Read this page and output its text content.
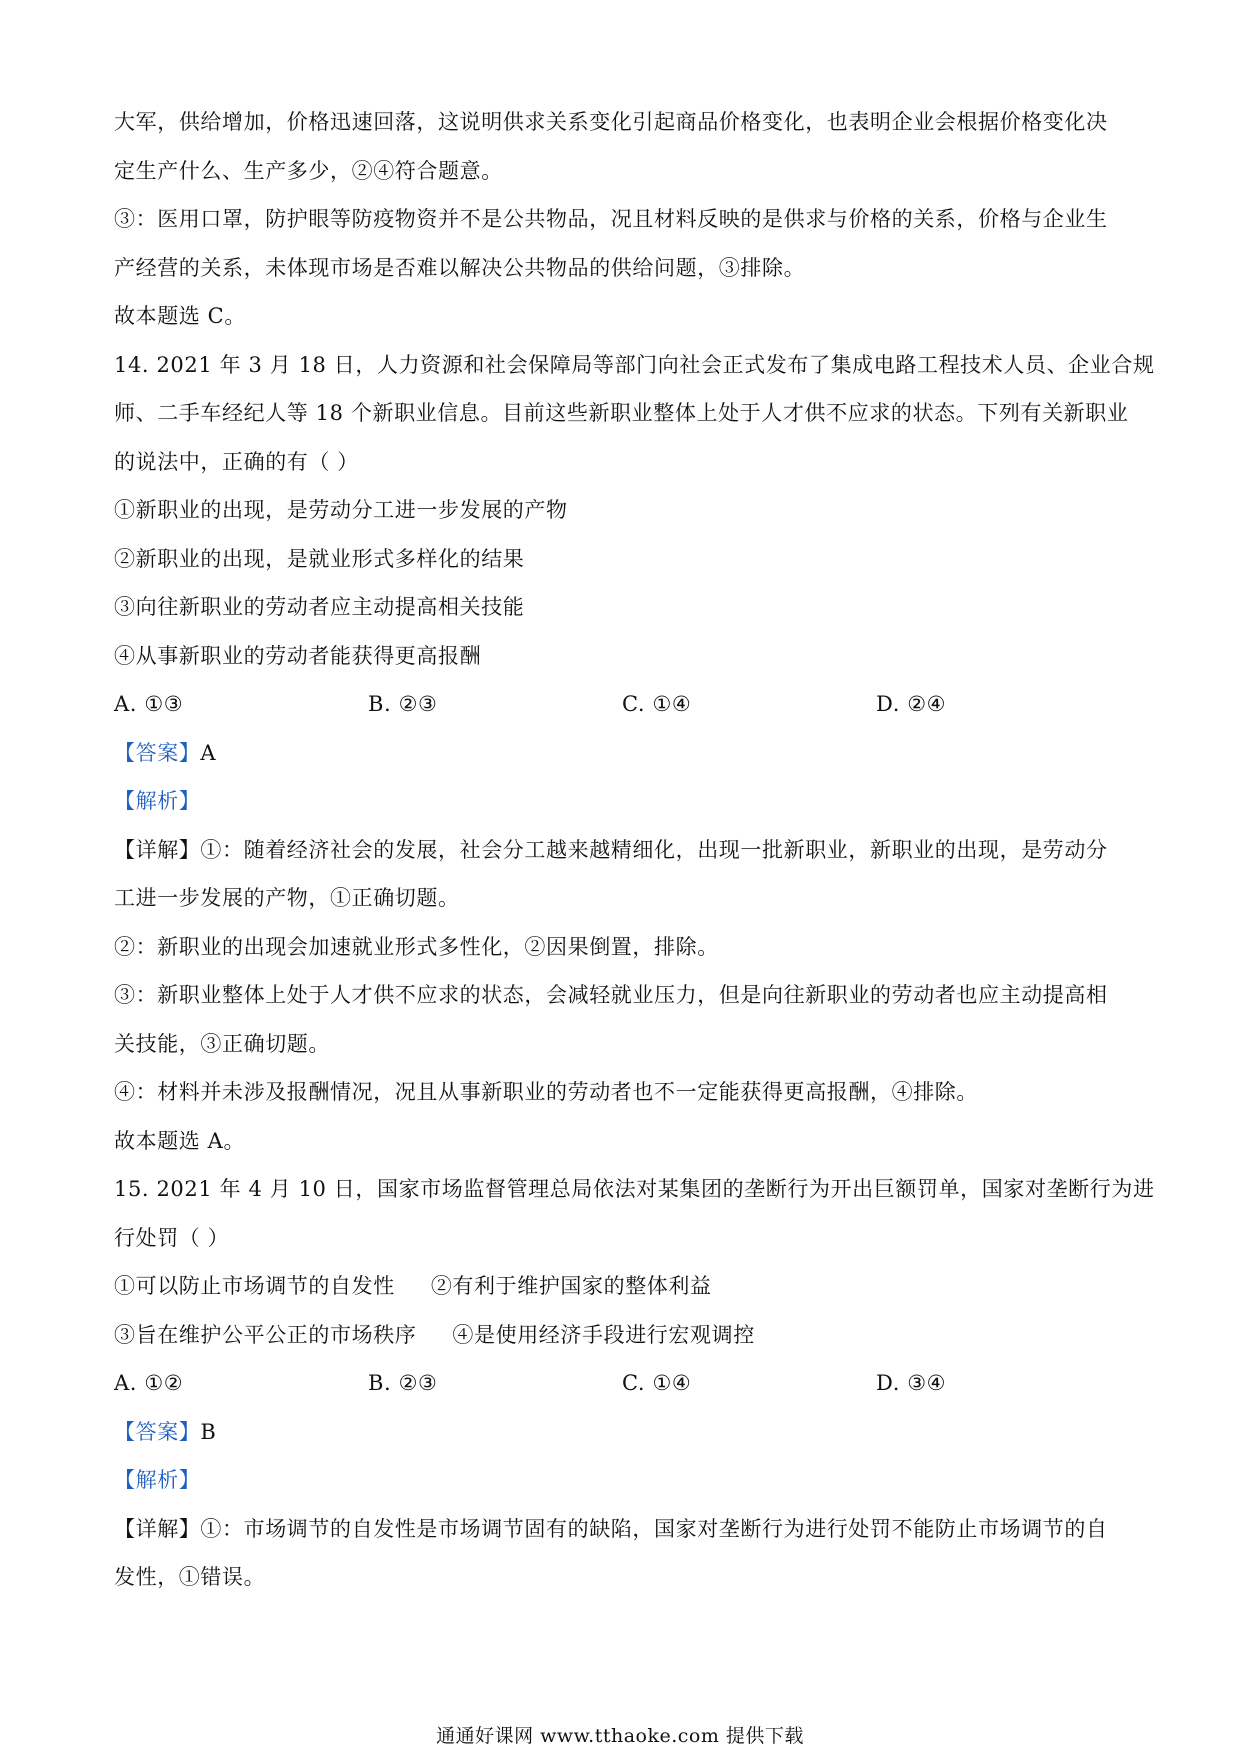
大军，供给增加，价格迅速回落，这说明供求关系变化引起商品价格变化，也表明企业会根据价格变化决
定生产什么、生产多少，②④符合题意。
③：医用口罩，防护眼等防疫物资并不是公共物品，况且材料反映的是供求与价格的关系，价格与企业生
产经营的关系，未体现市场是否难以解决公共物品的供给问题，③排除。
故本题选 C。
14. 2021 年 3 月 18 日，人力资源和社会保障局等部门向社会正式发布了集成电路工程技术人员、企业合规
师、二手车经纪人等 18 个新职业信息。目前这些新职业整体上处于人才供不应求的状态。下列有关新职业
的说法中，正确的有（ ）
①新职业的出现，是劳动分工进一步发展的产物
②新职业的出现，是就业形式多样化的结果
③向往新职业的劳动者应主动提高相关技能
④从事新职业的劳动者能获得更高报酬
A. ①③	B. ②③	C. ①④	D. ②④
【答案】A
【解析】
【详解】①：随着经济社会的发展，社会分工越来越精细化，出现一批新职业，新职业的出现，是劳动分
工进一步发展的产物，①正确切题。
②：新职业的出现会加速就业形式多性化，②因果倒置，排除。
③：新职业整体上处于人才供不应求的状态，会减轻就业压力，但是向往新职业的劳动者也应主动提高相
关技能，③正确切题。
④：材料并未涉及报酬情况，况且从事新职业的劳动者也不一定能获得更高报酬，④排除。
故本题选 A。
15. 2021 年 4 月 10 日，国家市场监督管理总局依法对某集团的垄断行为开出巨额罚单，国家对垄断行为进
行处罚（ ）
①可以防止市场调节的自发性 ②有利于维护国家的整体利益
③旨在维护公平公正的市场秩序 ④是使用经济手段进行宏观调控
A. ①②	B. ②③	C. ①④	D. ③④
【答案】B
【解析】
【详解】①：市场调节的自发性是市场调节固有的缺陷，国家对垄断行为进行处罚不能防止市场调节的自
发性，①错误。
通通好课网 www.tthaoke.com 提供下载
